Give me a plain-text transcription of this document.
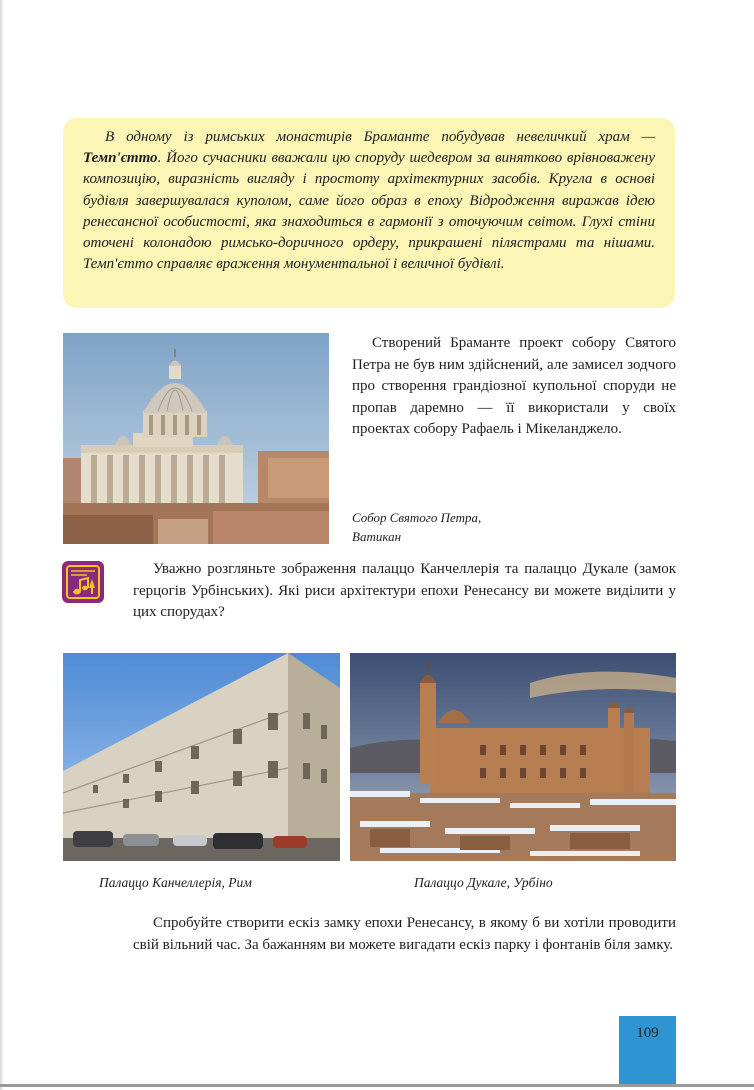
В одному із римських монастирів Браманте побудував невеличкий храм — Темп'єтто. Його сучасники вважали цю споруду шедевром за винятково врівноважену композицію, виразність вигляду і простоту архітектурних засобів. Кругла в основі будівля завершувалася куполом, саме його образ в епоху Відродження виражав ідею ренесансної особистості, яка знаходиться в гармонії з оточуючим світом. Глухі стіни оточені колонадою римсько-доричного ордеру, прикрашені пілястрами та нішами. Темп'єтто справляє враження монументальної і величної будівлі.

Створений Браманте проект собору Святого Петра не був ним здійснений, але замисел зодчого про створення грандіозної купольної споруди не пропав даремно — її використали у своїх проектах собору Рафаель і Мікеланджело.

Собор Святого Петра,
Ватикан

Уважно розгляньте зображення палаццо Канчеллерія та палаццо Дукале (замок герцогів Урбінських). Які риси архітектури епохи Ренесансу ви можете виділити у цих спорудах?

Палаццо Канчеллерія, Рим	Палаццо Дукале, Урбіно

Спробуйте створити ескіз замку епохи Ренесансу, в якому б ви хотіли проводити свій вільний час. За бажанням ви можете вигадати ескіз парку і фонтанів біля замку.

109
